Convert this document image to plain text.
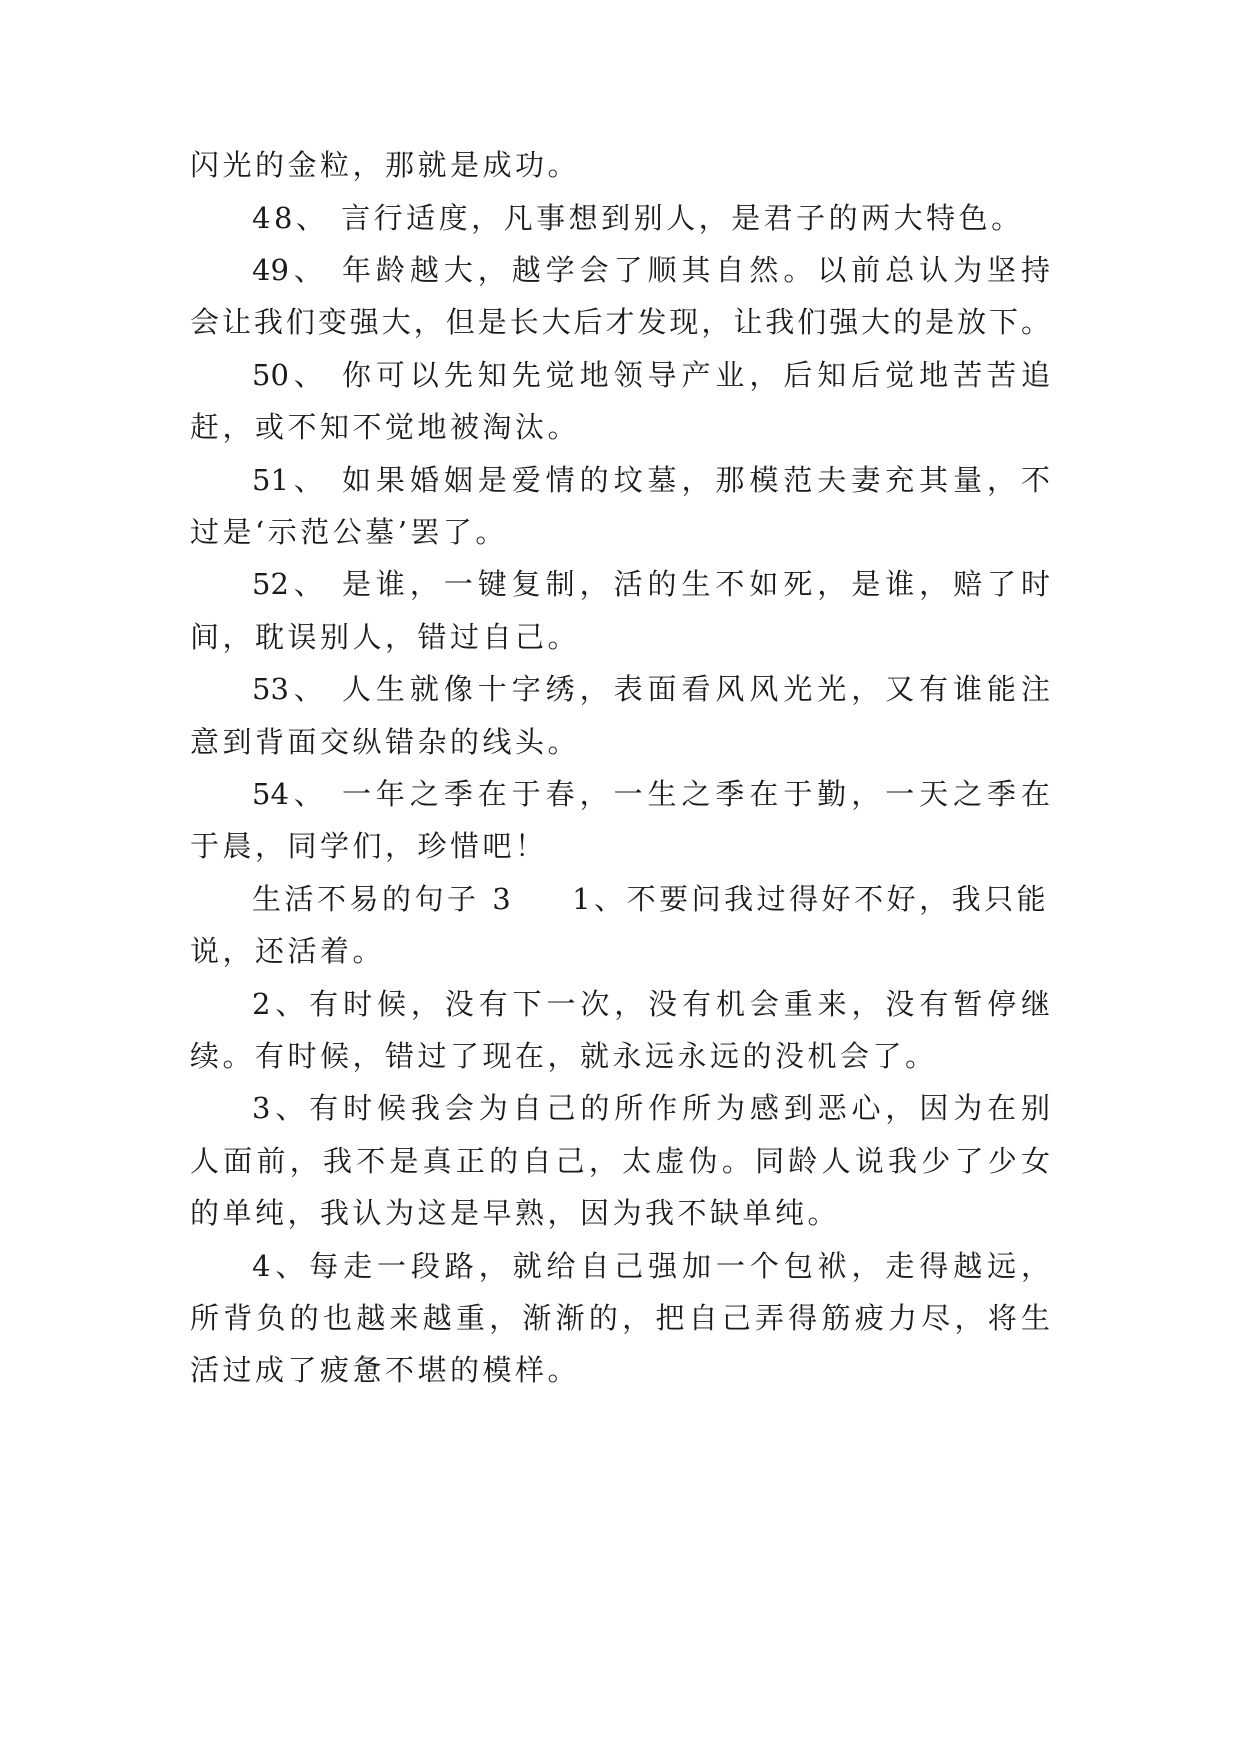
闪光的金粒，那就是成功。
48、 言行适度，凡事想到别人，是君子的两大特色。
49、 年龄越大，越学会了顺其自然。以前总认为坚持
会让我们变强大，但是长大后才发现，让我们强大的是放下。
50、 你可以先知先觉地领导产业，后知后觉地苦苦追
赶，或不知不觉地被淘汰。
51、 如果婚姻是爱情的坟墓，那模范夫妻充其量，不
过是‘示范公墓’罢了。
52、 是谁，一键复制，活的生不如死，是谁，赔了时
间，耽误别人，错过自己。
53、 人生就像十字绣，表面看风风光光，又有谁能注
意到背面交纵错杂的线头。
54、 一年之季在于春，一生之季在于勤，一天之季在
于晨，同学们，珍惜吧！
生活不易的句子 3 1、不要问我过得好不好，我只能
说，还活着。
2、有时候，没有下一次，没有机会重来，没有暂停继
续。有时候，错过了现在，就永远永远的没机会了。
3、有时候我会为自己的所作所为感到恶心，因为在别
人面前，我不是真正的自己，太虚伪。同龄人说我少了少女
的单纯，我认为这是早熟，因为我不缺单纯。
4、每走一段路，就给自己强加一个包袱，走得越远，
所背负的也越来越重，渐渐的，把自己弄得筋疲力尽，将生
活过成了疲惫不堪的模样。
